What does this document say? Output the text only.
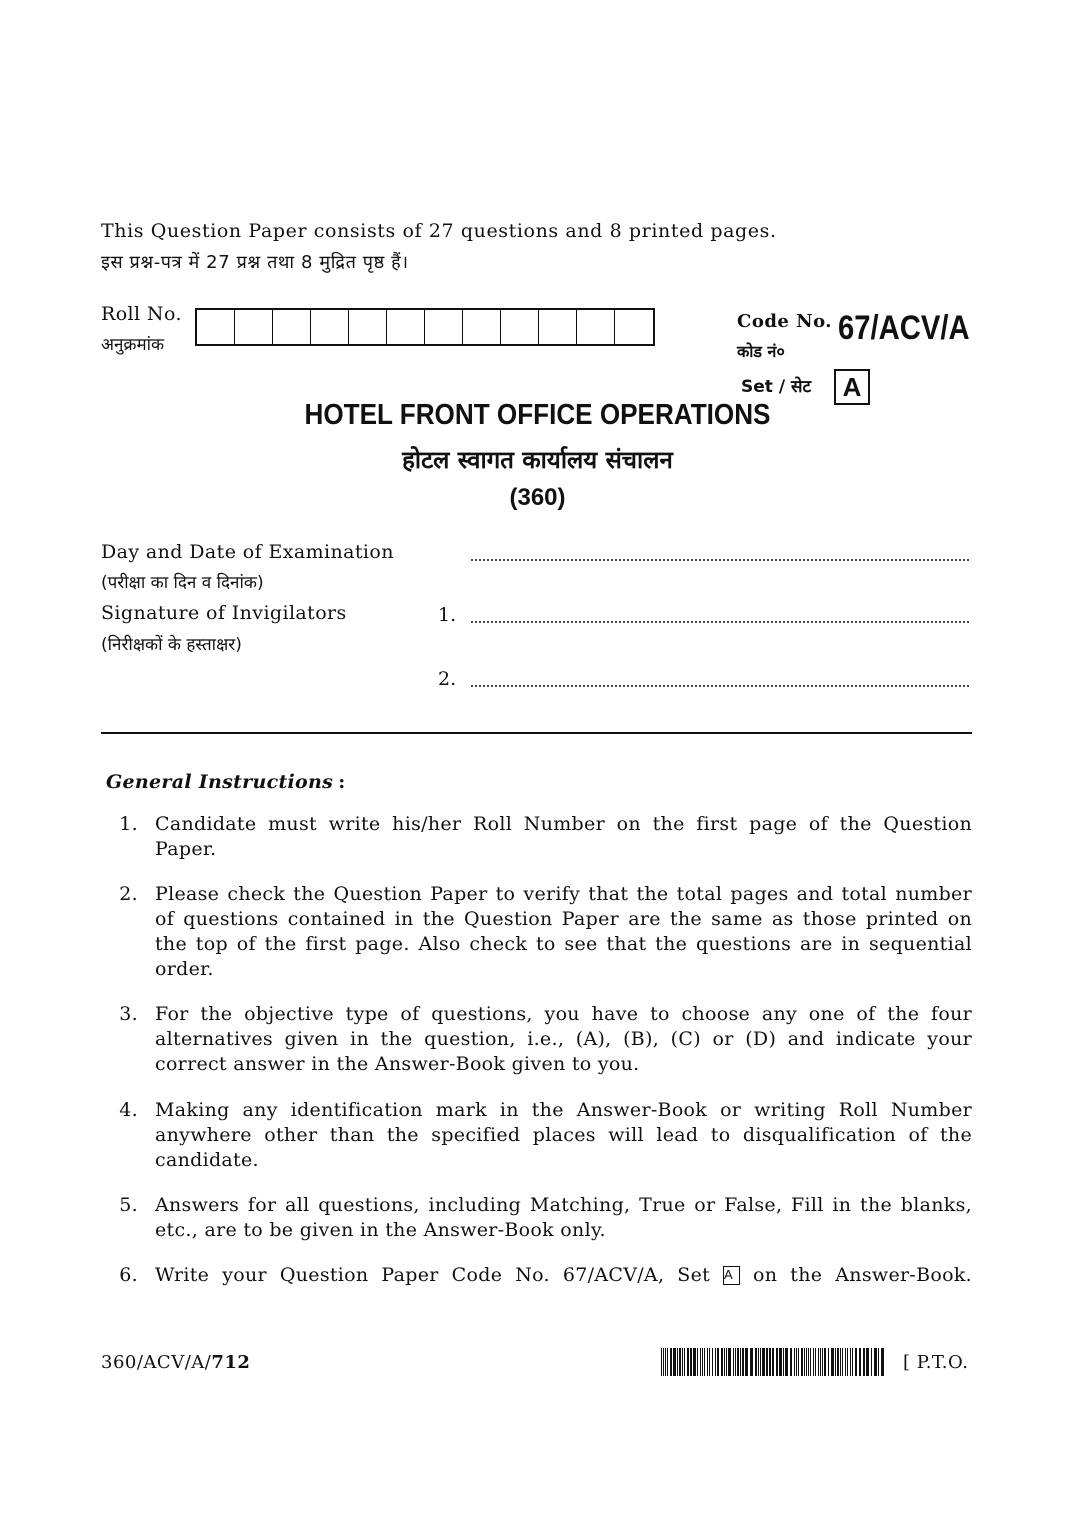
This Question Paper consists of 27 questions and 8 printed pages.
इस प्रश्न-पत्र में 27 प्रश्न तथा 8 मुद्रित पृष्ठ हैं।
Roll No.
अनुक्रमांक
Code No.
कोड नं०
67/ACV/A
Set / सेट	A
HOTEL FRONT OFFICE OPERATIONS
होटल स्वागत कार्यालय संचालन
(360)
Day and Date of Examination
(परीक्षा का दिन व दिनांक)
Signature of Invigilators
(निरीक्षकों के हस्ताक्षर)
1.
2.
General Instructions :
1. Candidate must write his/her Roll Number on the first page of the Question Paper.
2. Please check the Question Paper to verify that the total pages and total number of questions contained in the Question Paper are the same as those printed on the top of the first page. Also check to see that the questions are in sequential order.
3. For the objective type of questions, you have to choose any one of the four alternatives given in the question, i.e., (A), (B), (C) or (D) and indicate your correct answer in the Answer-Book given to you.
4. Making any identification mark in the Answer-Book or writing Roll Number anywhere other than the specified places will lead to disqualification of the candidate.
5. Answers for all questions, including Matching, True or False, Fill in the blanks, etc., are to be given in the Answer-Book only.
6. Write your Question Paper Code No. 67/ACV/A, Set A on the Answer-Book.
360/ACV/A/712	[ P.T.O.
